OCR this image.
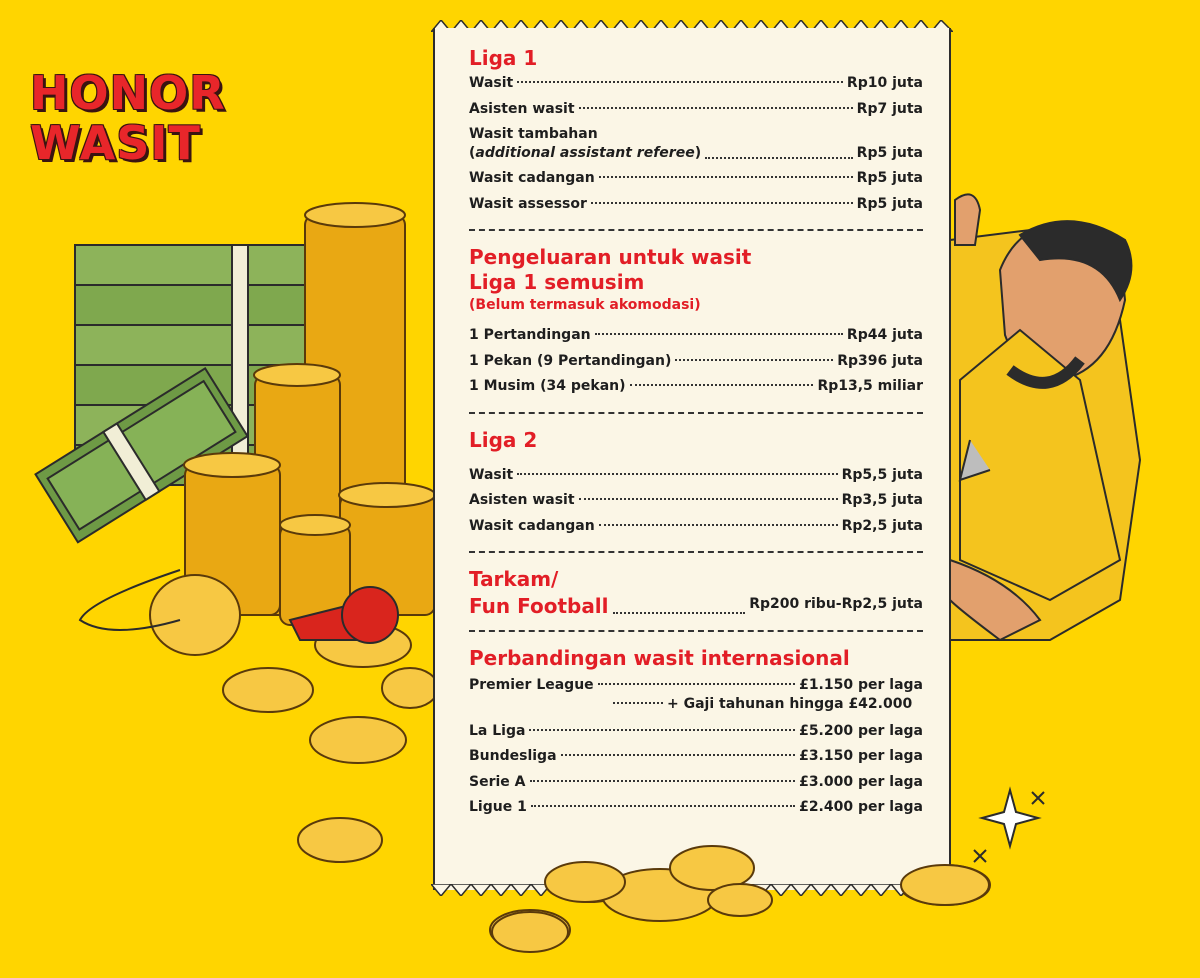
HONOR
WASIT

Liga 1

Wasit	Rp10 juta
Asisten wasit	Rp7 juta
Wasit tambahan
(additional assistant referee)	Rp5 juta
Wasit cadangan	Rp5 juta
Wasit assessor	Rp5 juta

Pengeluaran untuk wasit

Liga 1 semusim

(Belum termasuk akomodasi)

1 Pertandingan	Rp44 juta
1 Pekan (9 Pertandingan)	Rp396 juta
1 Musim (34 pekan)	Rp13,5 miliar

Liga 2

Wasit	Rp5,5 juta
Asisten wasit	Rp3,5 juta
Wasit cadangan	Rp2,5 juta

Tarkam/

Fun Football	Rp200 ribu-Rp2,5 juta

Perbandingan wasit internasional

Premier League	£1.150 per laga
+ Gaji tahunan hingga £42.000
La Liga	£5.200 per laga
Bundesliga	£3.150 per laga
Serie A	£3.000 per laga
Ligue 1	£2.400 per laga
